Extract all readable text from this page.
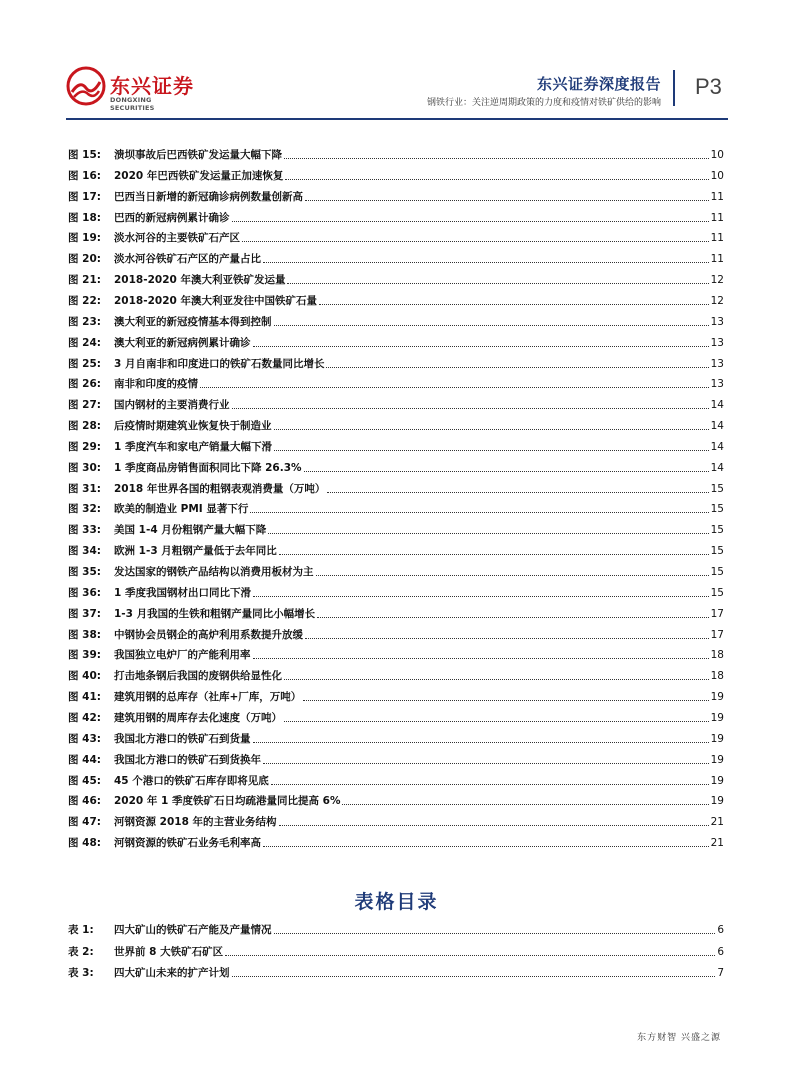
东兴证券
DONGXING SECURITIES
东兴证券深度报告
钢铁行业：关注逆周期政策的力度和疫情对铁矿供给的影响
P3
图 15:	溃坝事故后巴西铁矿发运量大幅下降	10
图 16:	2020 年巴西铁矿发运量正加速恢复	10
图 17:	巴西当日新增的新冠确诊病例数量创新高	11
图 18:	巴西的新冠病例累计确诊	11
图 19:	淡水河谷的主要铁矿石产区	11
图 20:	淡水河谷铁矿石产区的产量占比	11
图 21:	2018-2020 年澳大利亚铁矿发运量	12
图 22:	2018-2020 年澳大利亚发往中国铁矿石量	12
图 23:	澳大利亚的新冠疫情基本得到控制	13
图 24:	澳大利亚的新冠病例累计确诊	13
图 25:	3 月自南非和印度进口的铁矿石数量同比增长	13
图 26:	南非和印度的疫情	13
图 27:	国内钢材的主要消费行业	14
图 28:	后疫情时期建筑业恢复快于制造业	14
图 29:	1 季度汽车和家电产销量大幅下滑	14
图 30:	1 季度商品房销售面积同比下降 26.3%	14
图 31:	2018 年世界各国的粗钢表观消费量（万吨）	15
图 32:	欧美的制造业 PMI 显著下行	15
图 33:	美国 1-4 月份粗钢产量大幅下降	15
图 34:	欧洲 1-3 月粗钢产量低于去年同比	15
图 35:	发达国家的钢铁产品结构以消费用板材为主	15
图 36:	1 季度我国钢材出口同比下滑	15
图 37:	1-3 月我国的生铁和粗钢产量同比小幅增长	17
图 38:	中钢协会员钢企的高炉利用系数提升放缓	17
图 39:	我国独立电炉厂的产能利用率	18
图 40:	打击地条钢后我国的废钢供给显性化	18
图 41:	建筑用钢的总库存（社库+厂库，万吨）	19
图 42:	建筑用钢的周库存去化速度（万吨）	19
图 43:	我国北方港口的铁矿石到货量	19
图 44:	我国北方港口的铁矿石到货换年	19
图 45:	45 个港口的铁矿石库存即将见底	19
图 46:	2020 年 1 季度铁矿石日均疏港量同比提高 6%	19
图 47:	河钢资源 2018 年的主营业务结构	21
图 48:	河钢资源的铁矿石业务毛利率高	21
表格目录
表 1:	四大矿山的铁矿石产能及产量情况	6
表 2:	世界前 8 大铁矿石矿区	6
表 3:	四大矿山未来的扩产计划	7
东方财智 兴盛之源
